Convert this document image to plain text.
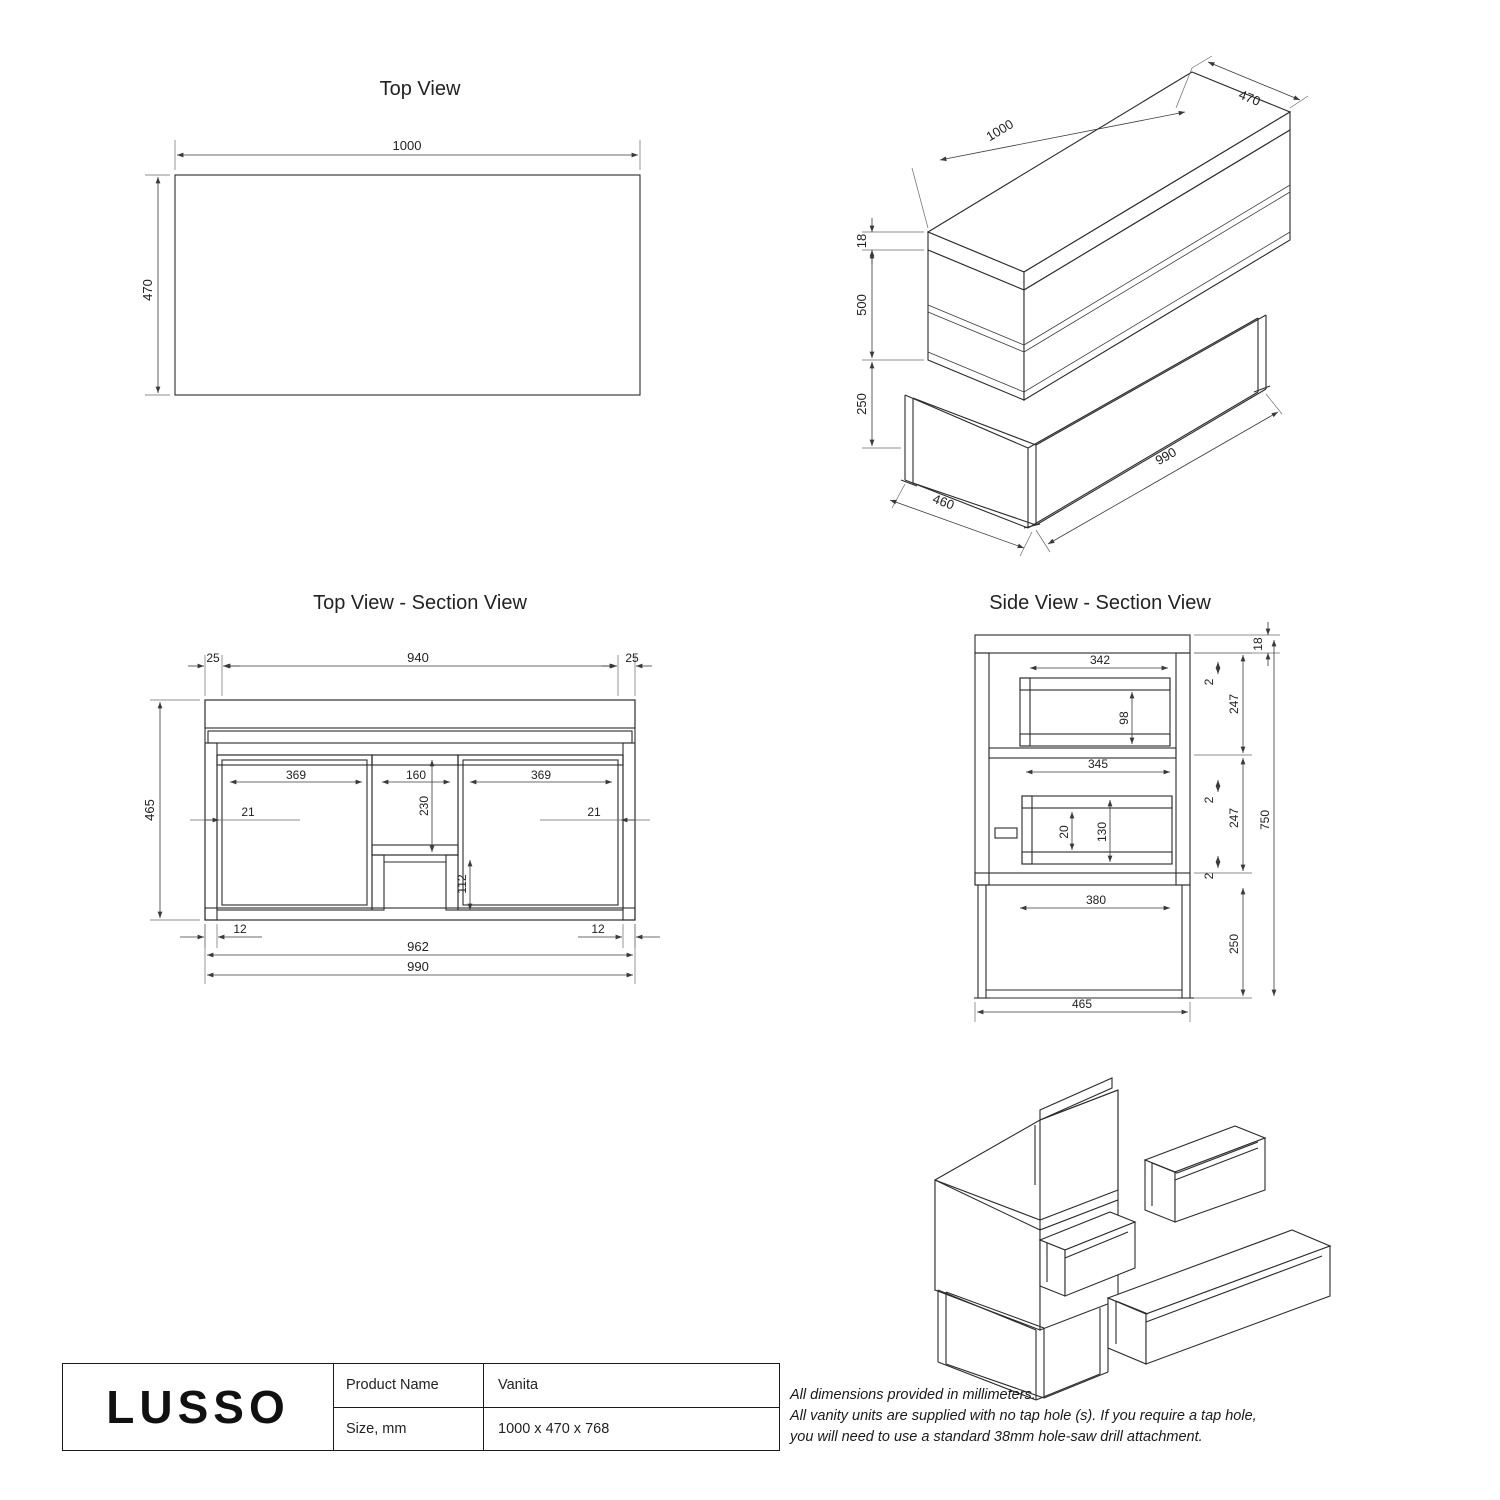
Top View
Top View - Section View	Side View - Section View
1000
470
1000
470
18
500
250
460
990
25	940	25
465
369	160	369
230
21	21
112
12	12
962
990
18
342
98
2
247
345
2
247
20 130
2
380
250
750
465
LUSSO	Product Name	Vanita
Size, mm	1000 x 470 x 768
All dimensions provided in millimeters.
All vanity units are supplied with no tap hole (s). If you require a tap hole,
you will need to use a standard 38mm hole-saw drill attachment.
